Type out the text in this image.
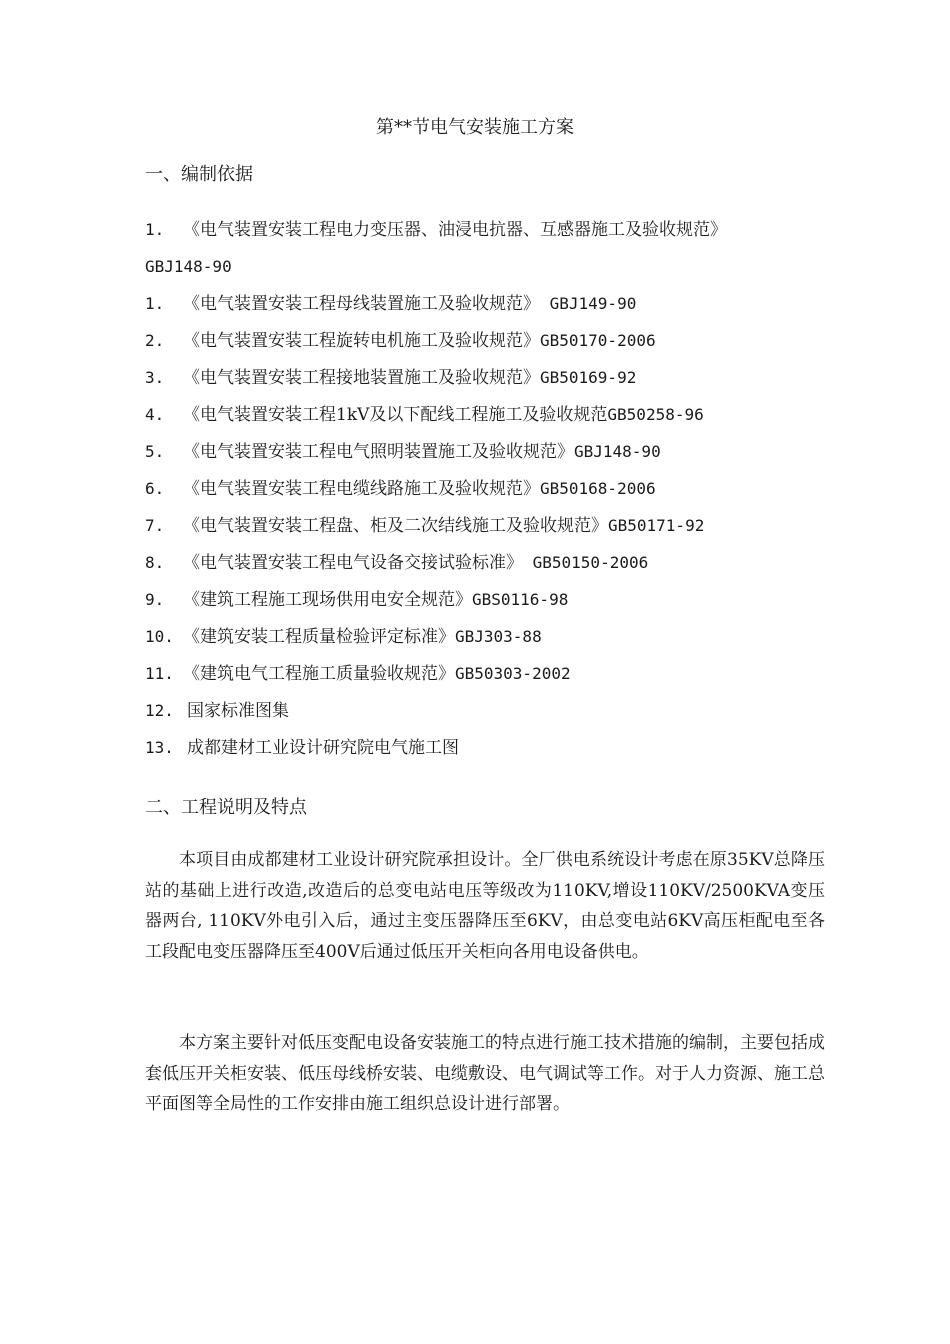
第**节电气安装施工方案
一、编制依据
1. 《电气装置安装工程电力变压器、油浸电抗器、互感器施工及验收规范》
GBJ148-90
1. 《电气装置安装工程母线装置施工及验收规范》 GBJ149-90
2. 《电气装置安装工程旋转电机施工及验收规范》GB50170-2006
3. 《电气装置安装工程接地装置施工及验收规范》GB50169-92
4. 《电气装置安装工程1kV及以下配线工程施工及验收规范GB50258-96
5. 《电气装置安装工程电气照明装置施工及验收规范》GBJ148-90
6. 《电气装置安装工程电缆线路施工及验收规范》GB50168-2006
7. 《电气装置安装工程盘、柜及二次结线施工及验收规范》GB50171-92
8. 《电气装置安装工程电气设备交接试验标准》 GB50150-2006
9. 《建筑工程施工现场供用电安全规范》GBS0116-98
10. 《建筑安装工程质量检验评定标准》GBJ303-88
11. 《建筑电气工程施工质量验收规范》GB50303-2002
12. 国家标准图集
13. 成都建材工业设计研究院电气施工图
二、工程说明及特点

本项目由成都建材工业设计研究院承担设计。全厂供电系统设计考虑在原35KV总降压站的基础上进行改造,改造后的总变电站电压等级改为110KV,增设110KV/2500KVA变压器两台, 110KV外电引入后，通过主变压器降压至6KV，由总变电站6KV高压柜配电至各工段配电变压器降压至400V后通过低压开关柜向各用电设备供电。

本方案主要针对低压变配电设备安装施工的特点进行施工技术措施的编制，主要包括成套低压开关柜安装、低压母线桥安装、电缆敷设、电气调试等工作。对于人力资源、施工总平面图等全局性的工作安排由施工组织总设计进行部署。
